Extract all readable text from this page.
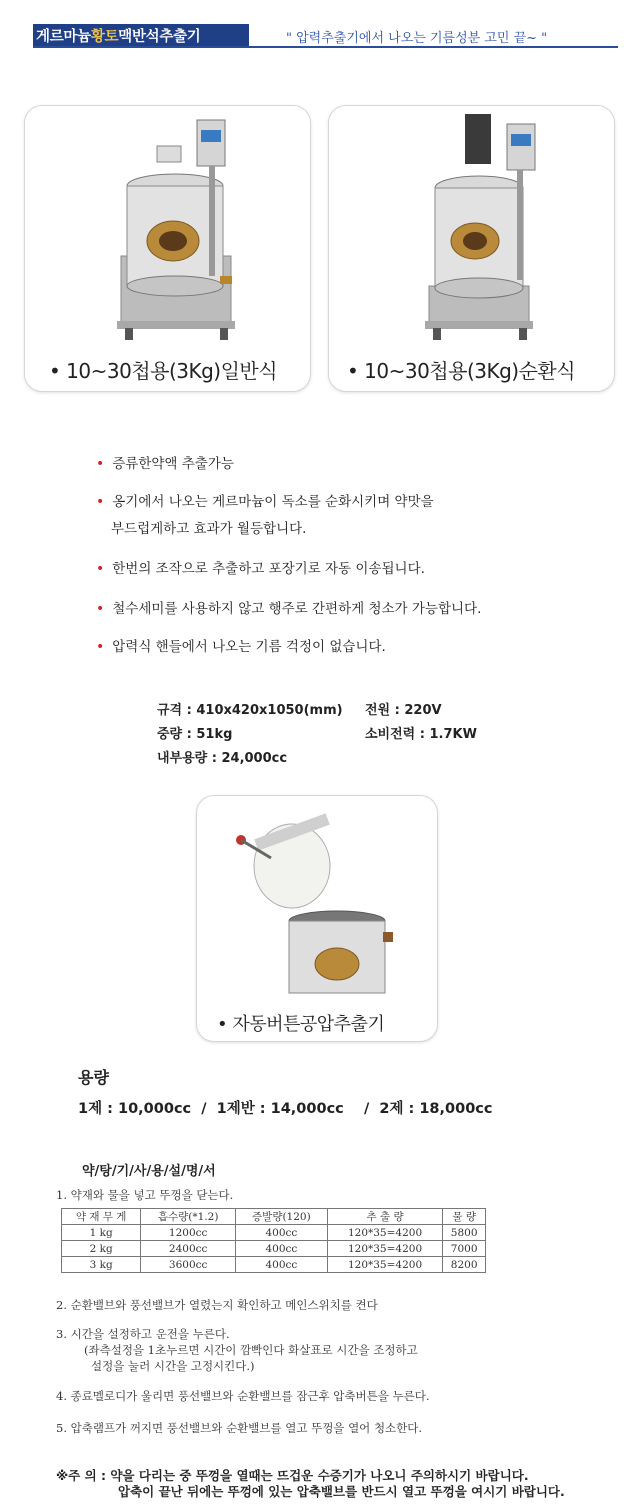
게르마늄황토맥반석추출기	" 압력추출기에서 나오는 기름성분 고민 끝~ "
• 10~30첩용(3Kg)일반식	• 10~30첩용(3Kg)순환식
• 증류한약액 추출가능
• 옹기에서 나오는 게르마늄이 독소를 순화시키며 약맛을
부드럽게하고 효과가 월등합니다.
• 한번의 조작으로 추출하고 포장기로 자동 이송됩니다.
• 철수세미를 사용하지 않고 행주로 간편하게 청소가 가능합니다.
• 압력식 핸들에서 나오는 기름 걱정이 없습니다.
규격 : 410x420x1050(mm) 전원 : 220V
중량 : 51kg	소비전력 : 1.7KW
내부용량 : 24,000cc
• 자동버튼공압추출기
용량
1제 : 10,000cc  /  1제반 : 14,000cc    /  2제 : 18,000cc
약/탕/기/사/용/설/명/서
1. 약재와 물을 넣고 뚜껑을 닫는다.
약 재 무 게	흡수량(*1.2)	증발량(120)	추 출 량	물 량
1 kg	1200cc	400cc	120*35=4200	5800
2 kg	2400cc	400cc	120*35=4200	7000
3 kg	3600cc	400cc	120*35=4200	8200
2. 순환밸브와 풍선밸브가 열렸는지 확인하고 메인스위치를 켠다
3. 시간을 설정하고 운전을 누른다.
(좌측설정을 1초누르면 시간이 깜빡인다 화살표로 시간을 조정하고
설정을 눌러 시간을 고정시킨다.)
4. 종료멜로디가 울리면 풍선밸브와 순환밸브를 잠근후 압축버튼을 누른다.
5. 압축램프가 꺼지면 풍선밸브와 순환밸브를 열고 뚜껑을 열어 청소한다.
※주 의 : 약을 다리는 중 뚜껑을 열때는 뜨겁운 수증기가 나오니 주의하시기 바랍니다.
압축이 끝난 뒤에는 뚜껑에 있는 압축밸브를 반드시 열고 뚜껑을 여시기 바랍니다.
